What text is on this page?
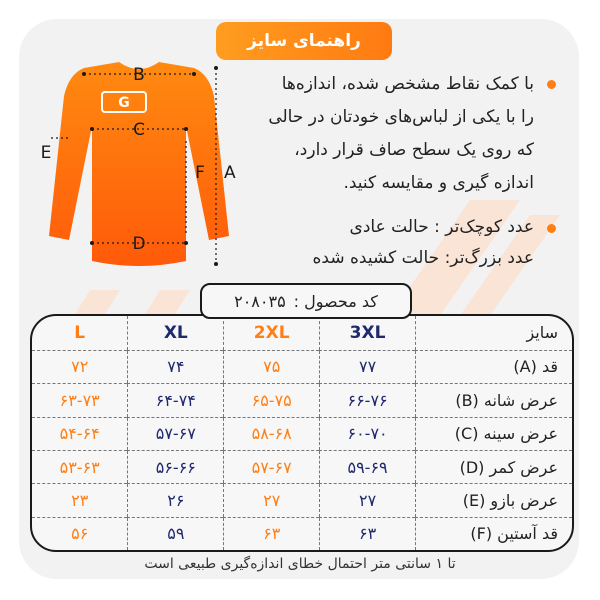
راهنمای سایز
G
B
C
D
E
F A
با کمک نقاط مشخص شده، اندازه‌ها
را با یکی از لباس‌های خودتان در حالی
که روی یک سطح صاف قرار دارد،
اندازه گیری و مقایسه کنید.
عدد کوچک‌تر : حالت عادی
عدد بزرگ‌تر: حالت کشیده شده
سایز	3XL	2XL	XL	L
قد (A)	۷۷	۷۵	۷۴	۷۲
عرض شانه (B)	۶۶-۷۶	۶۵-۷۵	۶۴-۷۴	۶۳-۷۳
عرض سینه (C)	۶۰-۷۰	۵۸-۶۸	۵۷-۶۷	۵۴-۶۴
عرض کمر (D)	۵۹-۶۹	۵۷-۶۷	۵۶-۶۶	۵۳-۶۳
عرض بازو (E)	۲۷	۲۷	۲۶	۲۳
قد آستین (F)	۶۳	۶۳	۵۹	۵۶
کد محصول :
۲۰۸۰۳۵
تا ۱ سانتی متر احتمال خطای اندازه‌گیری طبیعی است
